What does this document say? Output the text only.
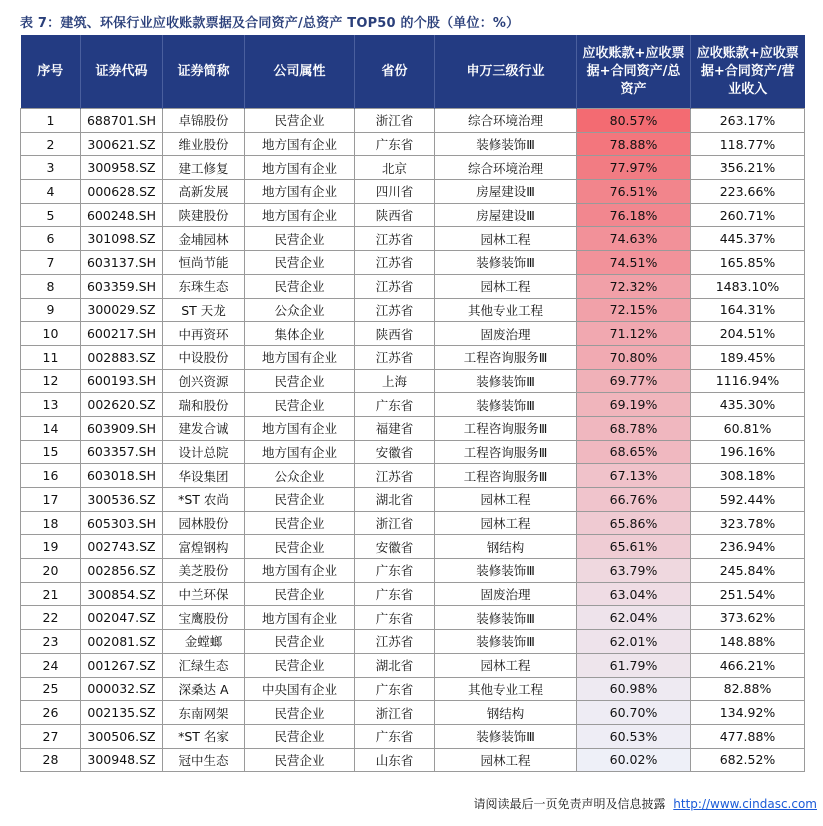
表 7：建筑、环保行业应收账款票据及合同资产/总资产 TOP50 的个股（单位：%）
序号	证券代码	证券简称	公司属性	省份	申万三级行业	应收账款+应收票据+合同资产/总资产	应收账款+应收票据+合同资产/营业收入
1	688701.SH	卓锦股份	民营企业	浙江省	综合环境治理	80.57%	263.17%
2	300621.SZ	维业股份	地方国有企业	广东省	装修装饰Ⅲ	78.88%	118.77%
3	300958.SZ	建工修复	地方国有企业	北京	综合环境治理	77.97%	356.21%
4	000628.SZ	高新发展	地方国有企业	四川省	房屋建设Ⅲ	76.51%	223.66%
5	600248.SH	陕建股份	地方国有企业	陕西省	房屋建设Ⅲ	76.18%	260.71%
6	301098.SZ	金埔园林	民营企业	江苏省	园林工程	74.63%	445.37%
7	603137.SH	恒尚节能	民营企业	江苏省	装修装饰Ⅲ	74.51%	165.85%
8	603359.SH	东珠生态	民营企业	江苏省	园林工程	72.32%	1483.10%
9	300029.SZ	ST 天龙	公众企业	江苏省	其他专业工程	72.15%	164.31%
10	600217.SH	中再资环	集体企业	陕西省	固废治理	71.12%	204.51%
11	002883.SZ	中设股份	地方国有企业	江苏省	工程咨询服务Ⅲ	70.80%	189.45%
12	600193.SH	创兴资源	民营企业	上海	装修装饰Ⅲ	69.77%	1116.94%
13	002620.SZ	瑞和股份	民营企业	广东省	装修装饰Ⅲ	69.19%	435.30%
14	603909.SH	建发合诚	地方国有企业	福建省	工程咨询服务Ⅲ	68.78%	60.81%
15	603357.SH	设计总院	地方国有企业	安徽省	工程咨询服务Ⅲ	68.65%	196.16%
16	603018.SH	华设集团	公众企业	江苏省	工程咨询服务Ⅲ	67.13%	308.18%
17	300536.SZ	*ST 农尚	民营企业	湖北省	园林工程	66.76%	592.44%
18	605303.SH	园林股份	民营企业	浙江省	园林工程	65.86%	323.78%
19	002743.SZ	富煌钢构	民营企业	安徽省	钢结构	65.61%	236.94%
20	002856.SZ	美芝股份	地方国有企业	广东省	装修装饰Ⅲ	63.79%	245.84%
21	300854.SZ	中兰环保	民营企业	广东省	固废治理	63.04%	251.54%
22	002047.SZ	宝鹰股份	地方国有企业	广东省	装修装饰Ⅲ	62.04%	373.62%
23	002081.SZ	金螳螂	民营企业	江苏省	装修装饰Ⅲ	62.01%	148.88%
24	001267.SZ	汇绿生态	民营企业	湖北省	园林工程	61.79%	466.21%
25	000032.SZ	深桑达 A	中央国有企业	广东省	其他专业工程	60.98%	82.88%
26	002135.SZ	东南网架	民营企业	浙江省	钢结构	60.70%	134.92%
27	300506.SZ	*ST 名家	民营企业	广东省	装修装饰Ⅲ	60.53%	477.88%
28	300948.SZ	冠中生态	民营企业	山东省	园林工程	60.02%	682.52%
请阅读最后一页免责声明及信息披露 http://www.cindasc.com
